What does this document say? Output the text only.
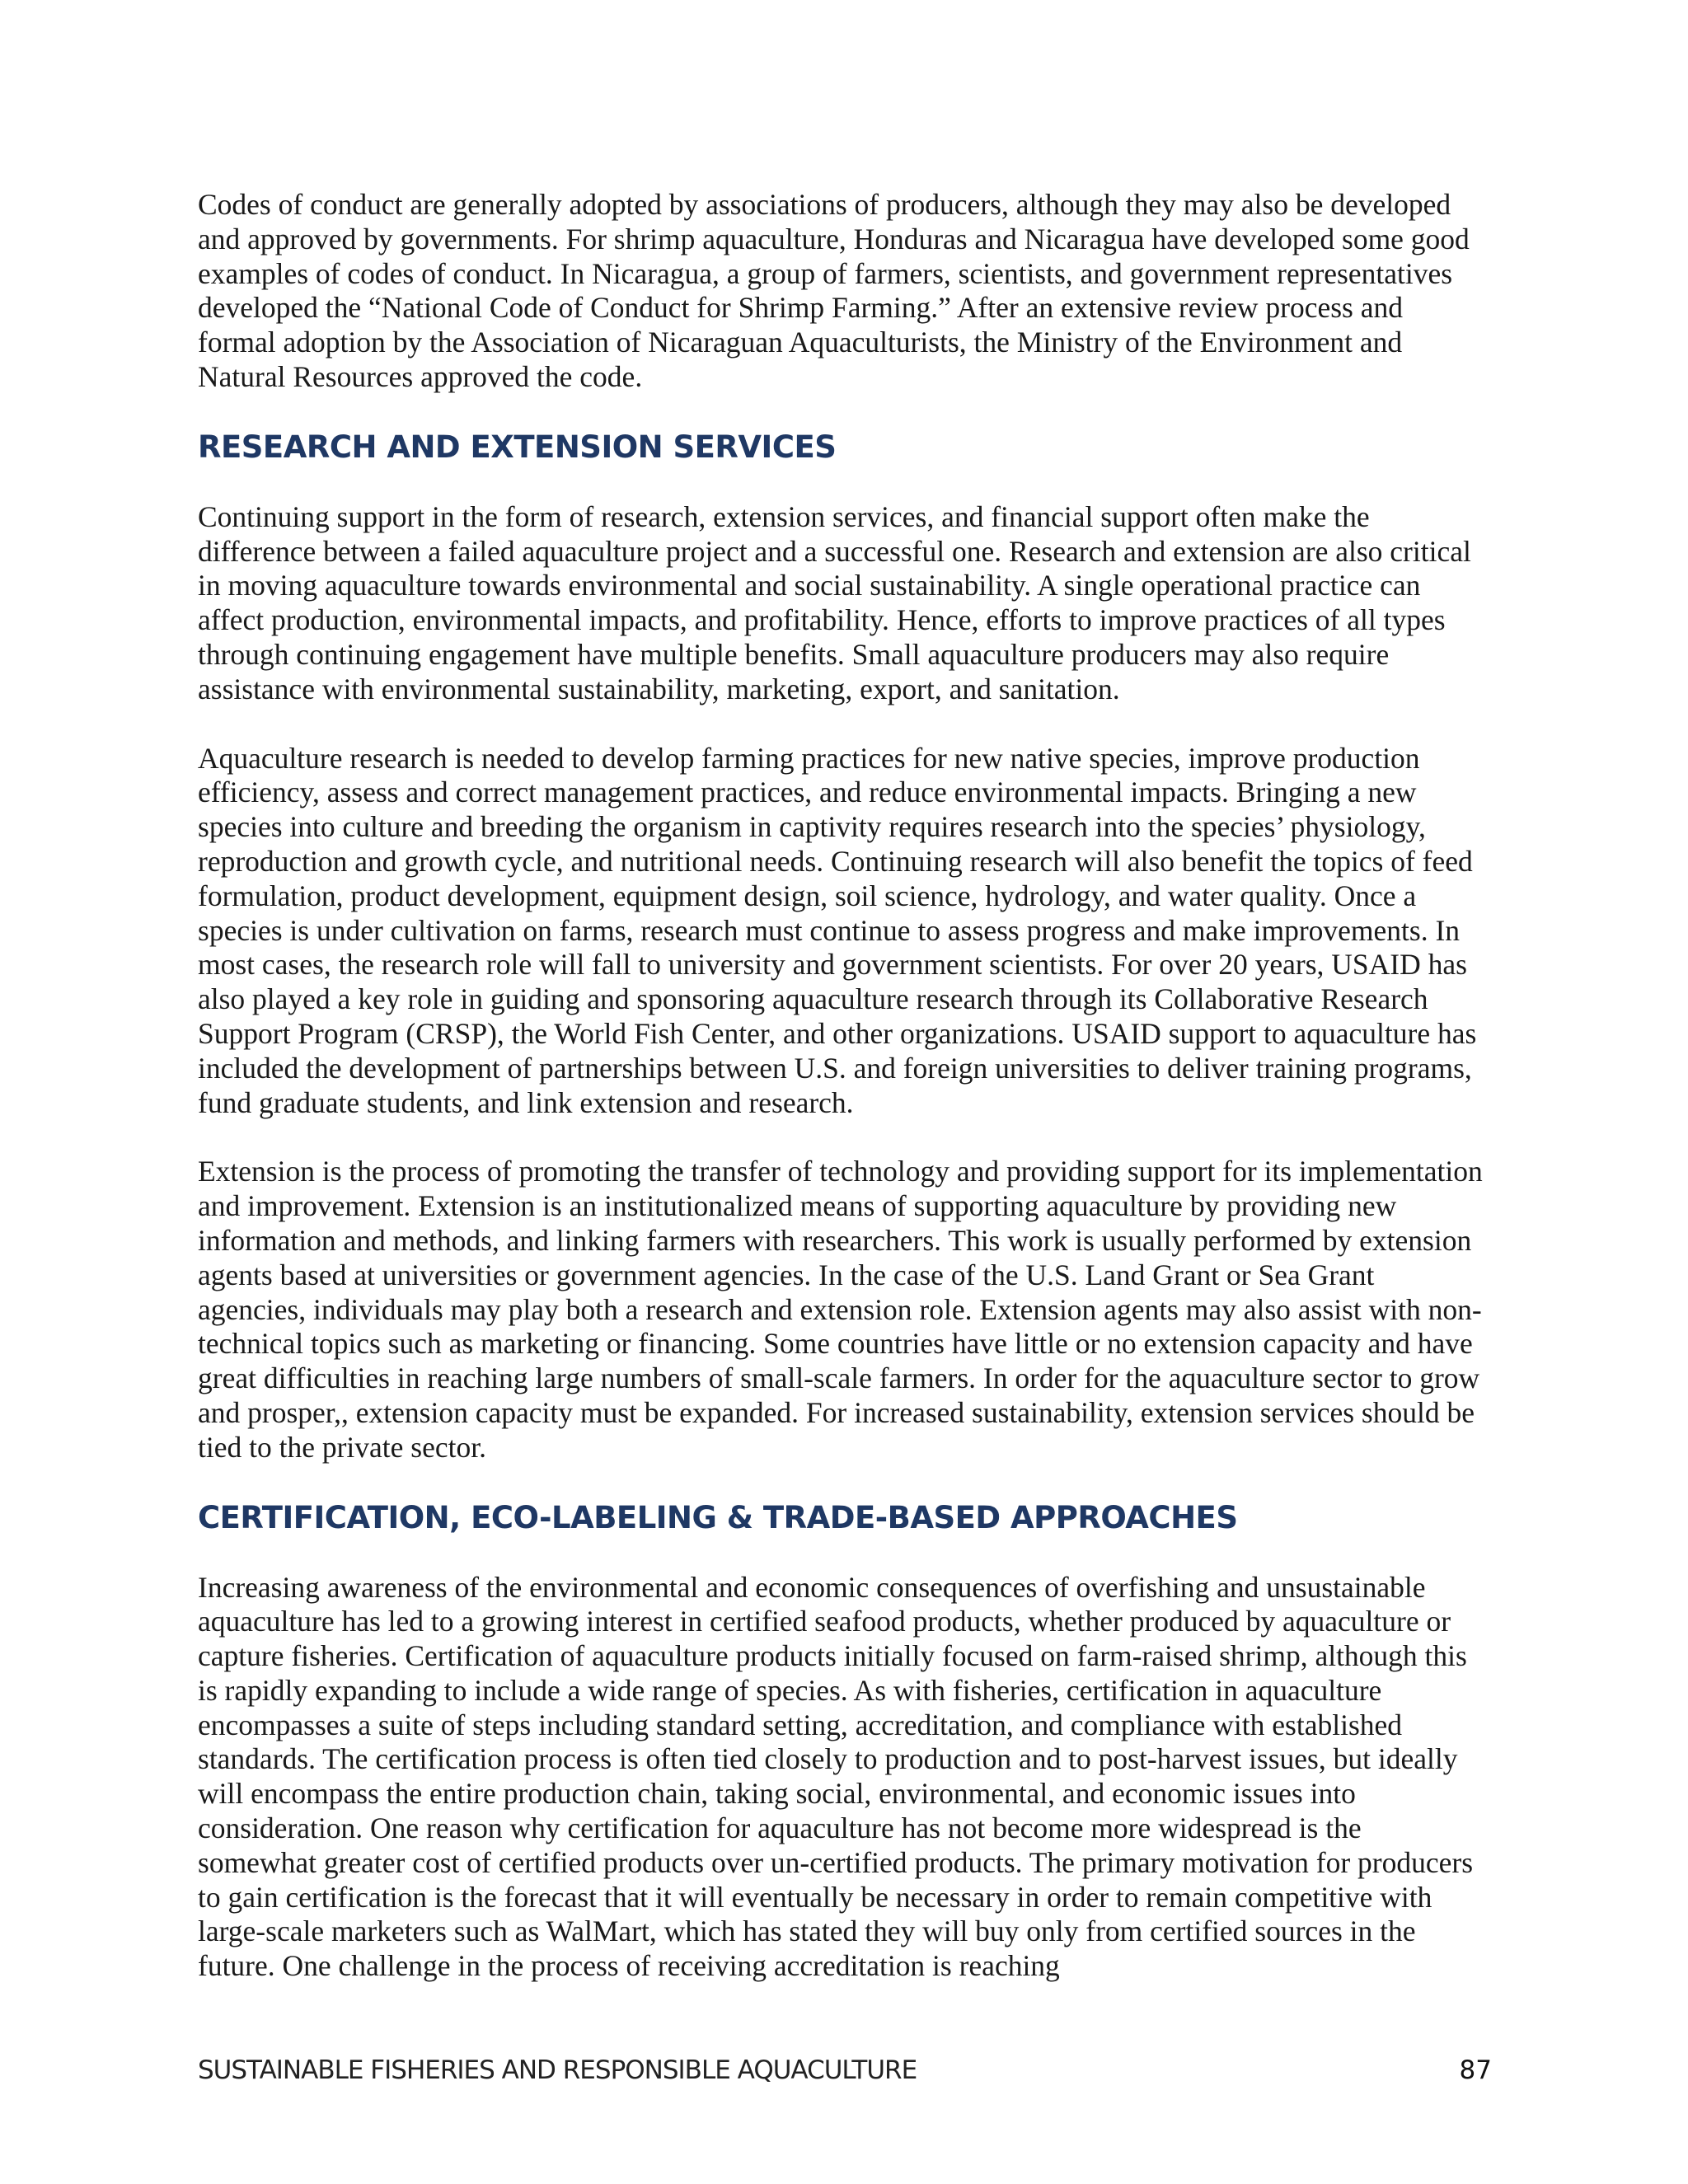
Codes of conduct are generally adopted by associations of producers, although they may also be developed and approved by governments. For shrimp aquaculture, Honduras and Nicaragua have developed some good examples of codes of conduct. In Nicaragua, a group of farmers, scientists, and government representatives developed the “National Code of Conduct for Shrimp Farming.” After an extensive review process and formal adoption by the Association of Nicaraguan Aquaculturists, the Ministry of the Environment and Natural Resources approved the code.

RESEARCH AND EXTENSION SERVICES

Continuing support in the form of research, extension services, and financial support often make the difference between a failed aquaculture project and a successful one. Research and extension are also critical in moving aquaculture towards environmental and social sustainability. A single operational practice can affect production, environmental impacts, and profitability. Hence, efforts to improve practices of all types through continuing engagement have multiple benefits. Small aquaculture producers may also require assistance with environmental sustainability, marketing, export, and sanitation.

Aquaculture research is needed to develop farming practices for new native species, improve production efficiency, assess and correct management practices, and reduce environmental impacts. Bringing a new species into culture and breeding the organism in captivity requires research into the species’ physiology, reproduction and growth cycle, and nutritional needs. Continuing research will also benefit the topics of feed formulation, product development, equipment design, soil science, hydrology, and water quality. Once a species is under cultivation on farms, research must continue to assess progress and make improvements. In most cases, the research role will fall to university and government scientists. For over 20 years, USAID has also played a key role in guiding and sponsoring aquaculture research through its Collaborative Research Support Program (CRSP), the World Fish Center, and other organizations. USAID support to aquaculture has included the development of partnerships between U.S. and foreign universities to deliver training programs, fund graduate students, and link extension and research.

Extension is the process of promoting the transfer of technology and providing support for its implementation and improvement. Extension is an institutionalized means of supporting aquaculture by providing new information and methods, and linking farmers with researchers. This work is usually performed by extension agents based at universities or government agencies. In the case of the U.S. Land Grant or Sea Grant agencies, individuals may play both a research and extension role. Extension agents may also assist with non-technical topics such as marketing or financing. Some countries have little or no extension capacity and have great difficulties in reaching large numbers of small-scale farmers. In order for the aquaculture sector to grow and prosper,, extension capacity must be expanded. For increased sustainability, extension services should be tied to the private sector.

CERTIFICATION, ECO-LABELING & TRADE-BASED APPROACHES

Increasing awareness of the environmental and economic consequences of overfishing and unsustainable aquaculture has led to a growing interest in certified seafood products, whether produced by aquaculture or capture fisheries. Certification of aquaculture products initially focused on farm-raised shrimp, although this is rapidly expanding to include a wide range of species. As with fisheries, certification in aquaculture encompasses a suite of steps including standard setting, accreditation, and compliance with established standards. The certification process is often tied closely to production and to post-harvest issues, but ideally will encompass the entire production chain, taking social, environmental, and economic issues into consideration. One reason why certification for aquaculture has not become more widespread is the somewhat greater cost of certified products over un-certified products. The primary motivation for producers to gain certification is the forecast that it will eventually be necessary in order to remain competitive with large-scale marketers such as WalMart, which has stated they will buy only from certified sources in the future. One challenge in the process of receiving accreditation is reaching

SUSTAINABLE FISHERIES AND RESPONSIBLE AQUACULTURE	87
